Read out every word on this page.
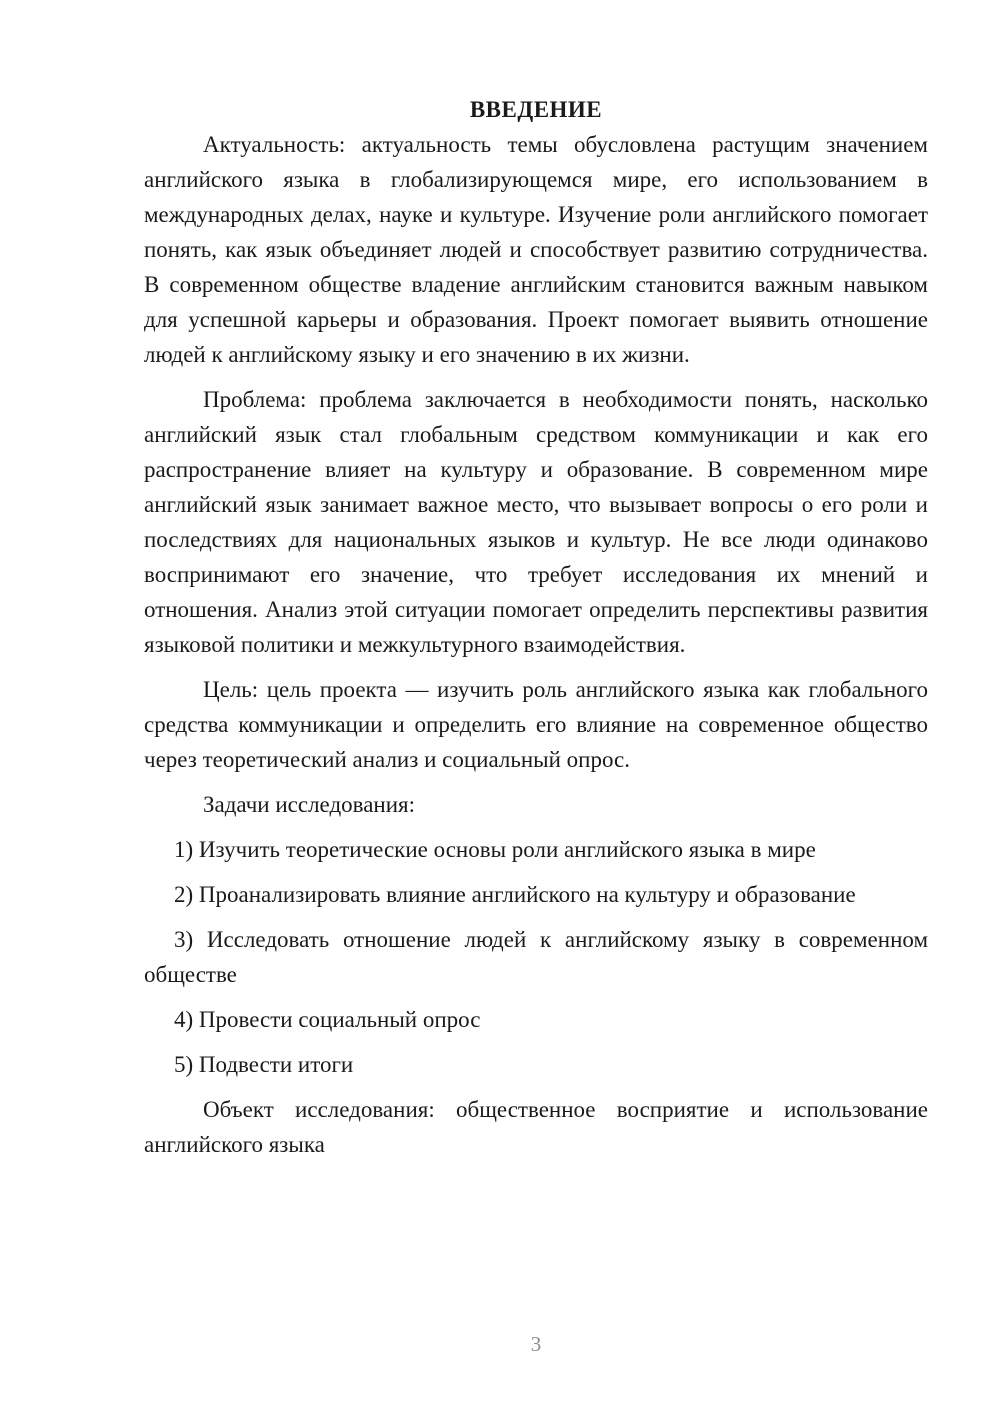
ВВЕДЕНИЕ

Актуальность: актуальность темы обусловлена растущим значением английского языка в глобализирующемся мире, его использованием в международных делах, науке и культуре. Изучение роли английского помогает понять, как язык объединяет людей и способствует развитию сотрудничества. В современном обществе владение английским становится важным навыком для успешной карьеры и образования. Проект помогает выявить отношение людей к английскому языку и его значению в их жизни.

Проблема: проблема заключается в необходимости понять, насколько английский язык стал глобальным средством коммуникации и как его распространение влияет на культуру и образование. В современном мире английский язык занимает важное место, что вызывает вопросы о его роли и последствиях для национальных языков и культур. Не все люди одинаково воспринимают его значение, что требует исследования их мнений и отношения. Анализ этой ситуации помогает определить перспективы развития языковой политики и межкультурного взаимодействия.

Цель: цель проекта — изучить роль английского языка как глобального средства коммуникации и определить его влияние на современное общество через теоретический анализ и социальный опрос.

Задачи исследования:

1) Изучить теоретические основы роли английского языка в мире

2) Проанализировать влияние английского на культуру и образование

3) Исследовать отношение людей к английскому языку в современном обществе

4) Провести социальный опрос

5) Подвести итоги

Объект исследования: общественное восприятие и использование английского языка

3
